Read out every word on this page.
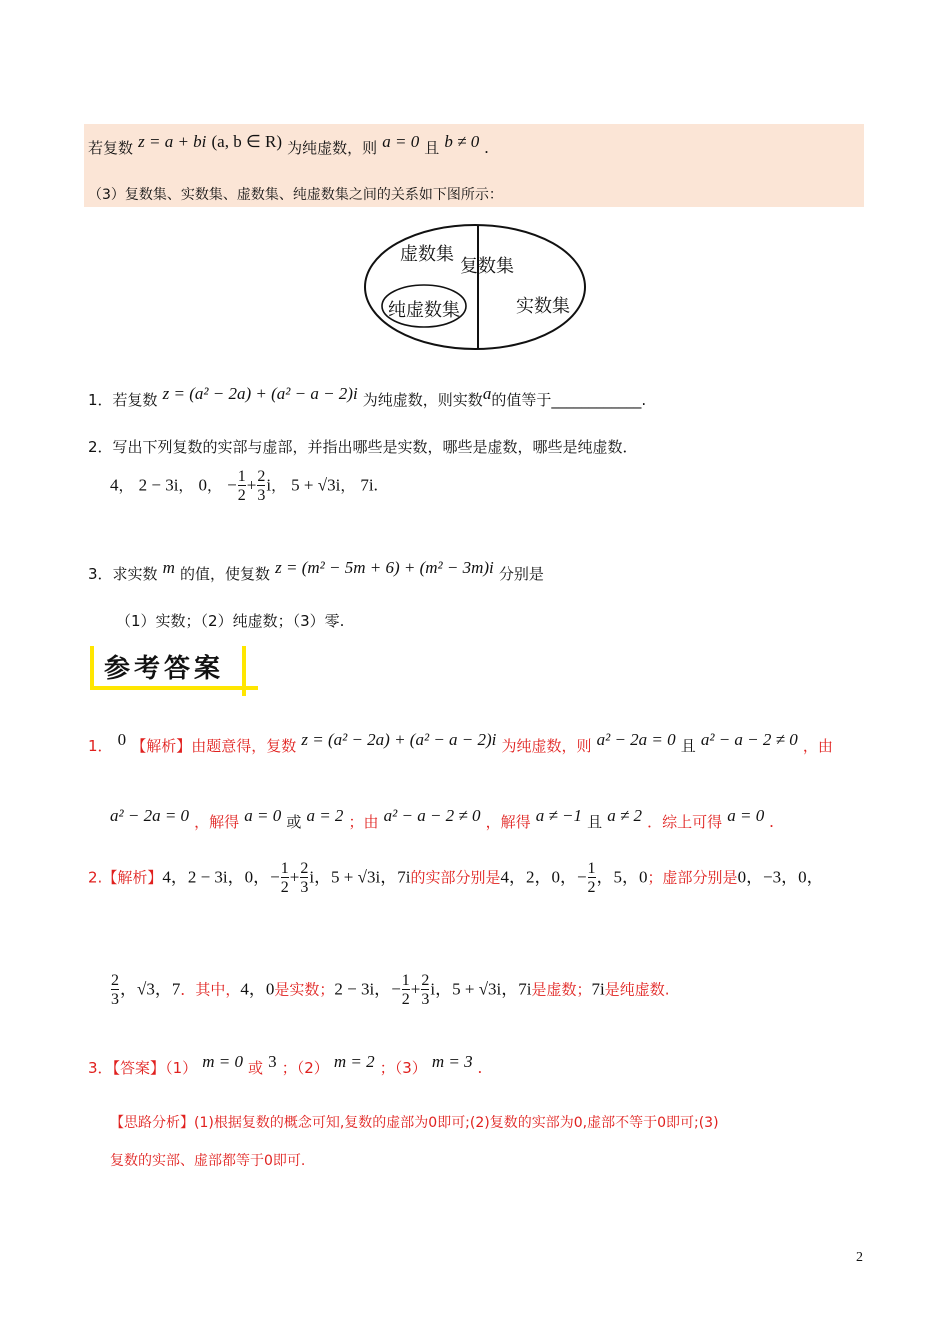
若复数 z = a + bi (a, b ∈ R) 为纯虚数，则 a = 0 且 b ≠ 0 .
（3）复数集、实数集、虚数集、纯虚数集之间的关系如下图所示：
虚数集
复数集
纯虚数集	实数集
1．若复数 z = (a² − 2a) + (a² − a − 2)i 为纯虚数，则实数a的值等于____________.
2．写出下列复数的实部与虚部，并指出哪些是实数，哪些是虚数，哪些是纯虚数．
4， 2 − 3i， 0， − $\frac{1}{2} + \frac{2}{3}$ i， 5 + √3i， 7i.
3．求实数 m 的值，使复数 z = (m² − 5m + 6) + (m² − 3m)i 分别是
（1）实数；（2）纯虚数；（3）零.
参考答案
1． 0 【解析】由题意得，复数 z = (a² − 2a) + (a² − a − 2)i 为纯虚数，则 a² − 2a = 0 且 a² − a − 2 ≠ 0 ，由
a² − 2a = 0 ，解得 a = 0 或 a = 2 ；由 a² − a − 2 ≠ 0 ，解得 a ≠ −1 且 a ≠ 2 ．综上可得 a = 0 .
2.【解析】4，2 − 3i，0，− $\frac{1}{2} + \frac{2}{3}$ i，5 + √3i，7i的实部分别是4，2，0，− $\frac{1}{2}$ ，5，0；虚部分别是0，−3，0，
$\frac{2}{3}$ ，√3，7．其中，4，0是实数；2 − 3i，− $\frac{1}{2} + \frac{2}{3}$ i，5 + √3i，7i是虚数；7i是纯虚数.
3．【答案】（1） m = 0 或 3 ；（2） m = 2 ；（3） m = 3 .
【思路分析】(1)根据复数的概念可知,复数的虚部为0即可;(2)复数的实部为0,虚部不等于0即可;(3)
复数的实部、虚部都等于0即可.
2
